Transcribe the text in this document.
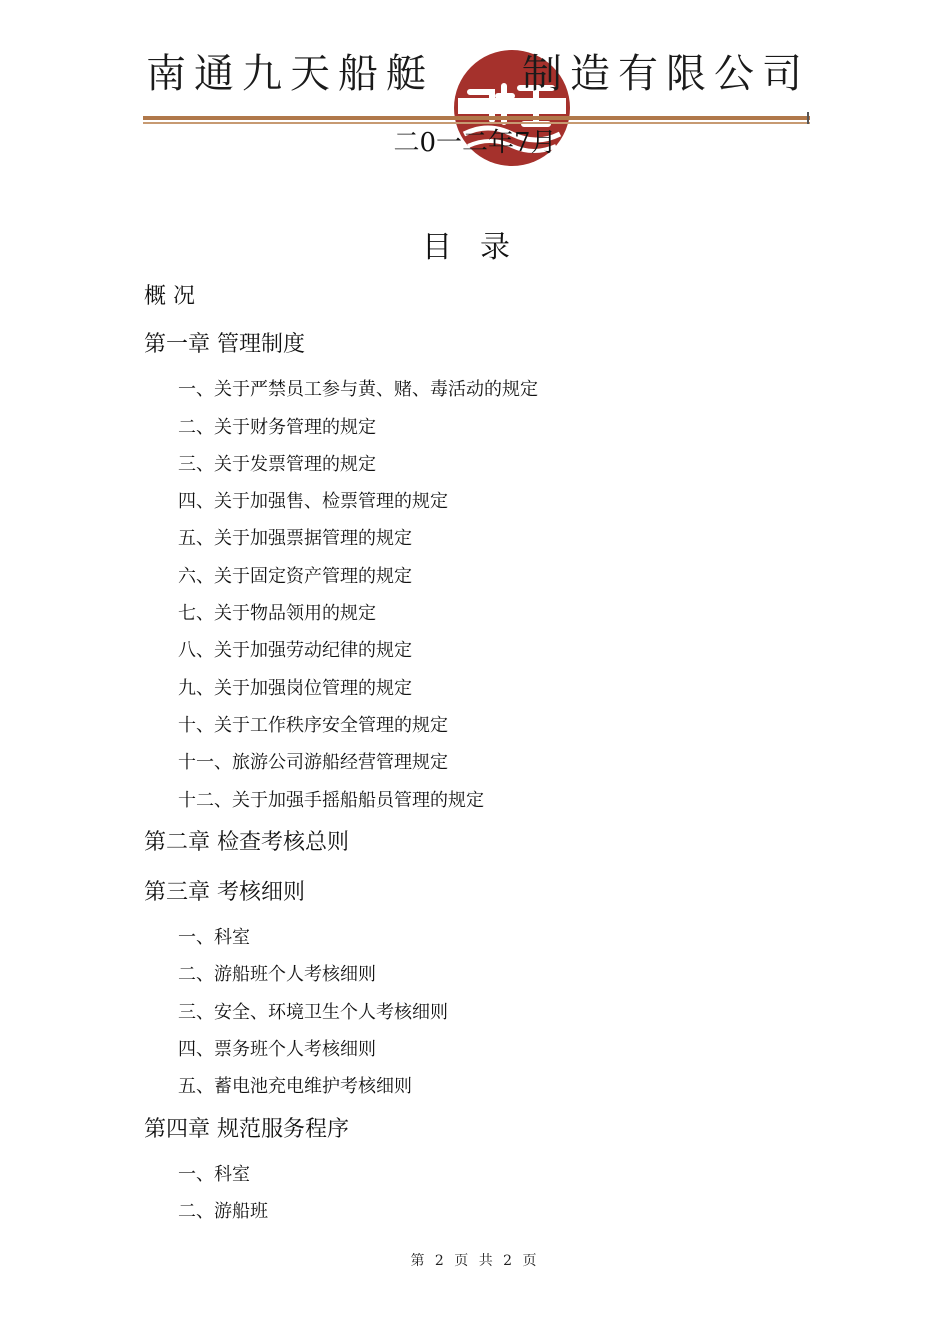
南通九天船艇 制造有限公司
二0一二年7月
目录
概 况
第一章 管理制度
一、关于严禁员工参与黄、赌、毒活动的规定
二、关于财务管理的规定
三、关于发票管理的规定
四、关于加强售、检票管理的规定
五、关于加强票据管理的规定
六、关于固定资产管理的规定
七、关于物品领用的规定
八、关于加强劳动纪律的规定
九、关于加强岗位管理的规定
十、关于工作秩序安全管理的规定
十一、旅游公司游船经营管理规定
十二、关于加强手摇船船员管理的规定
第二章 检查考核总则
第三章 考核细则
一、科室
二、游船班个人考核细则
三、安全、环境卫生个人考核细则
四、票务班个人考核细则
五、蓄电池充电维护考核细则
第四章 规范服务程序
一、科室
二、游船班
第 2 页 共 2 页
